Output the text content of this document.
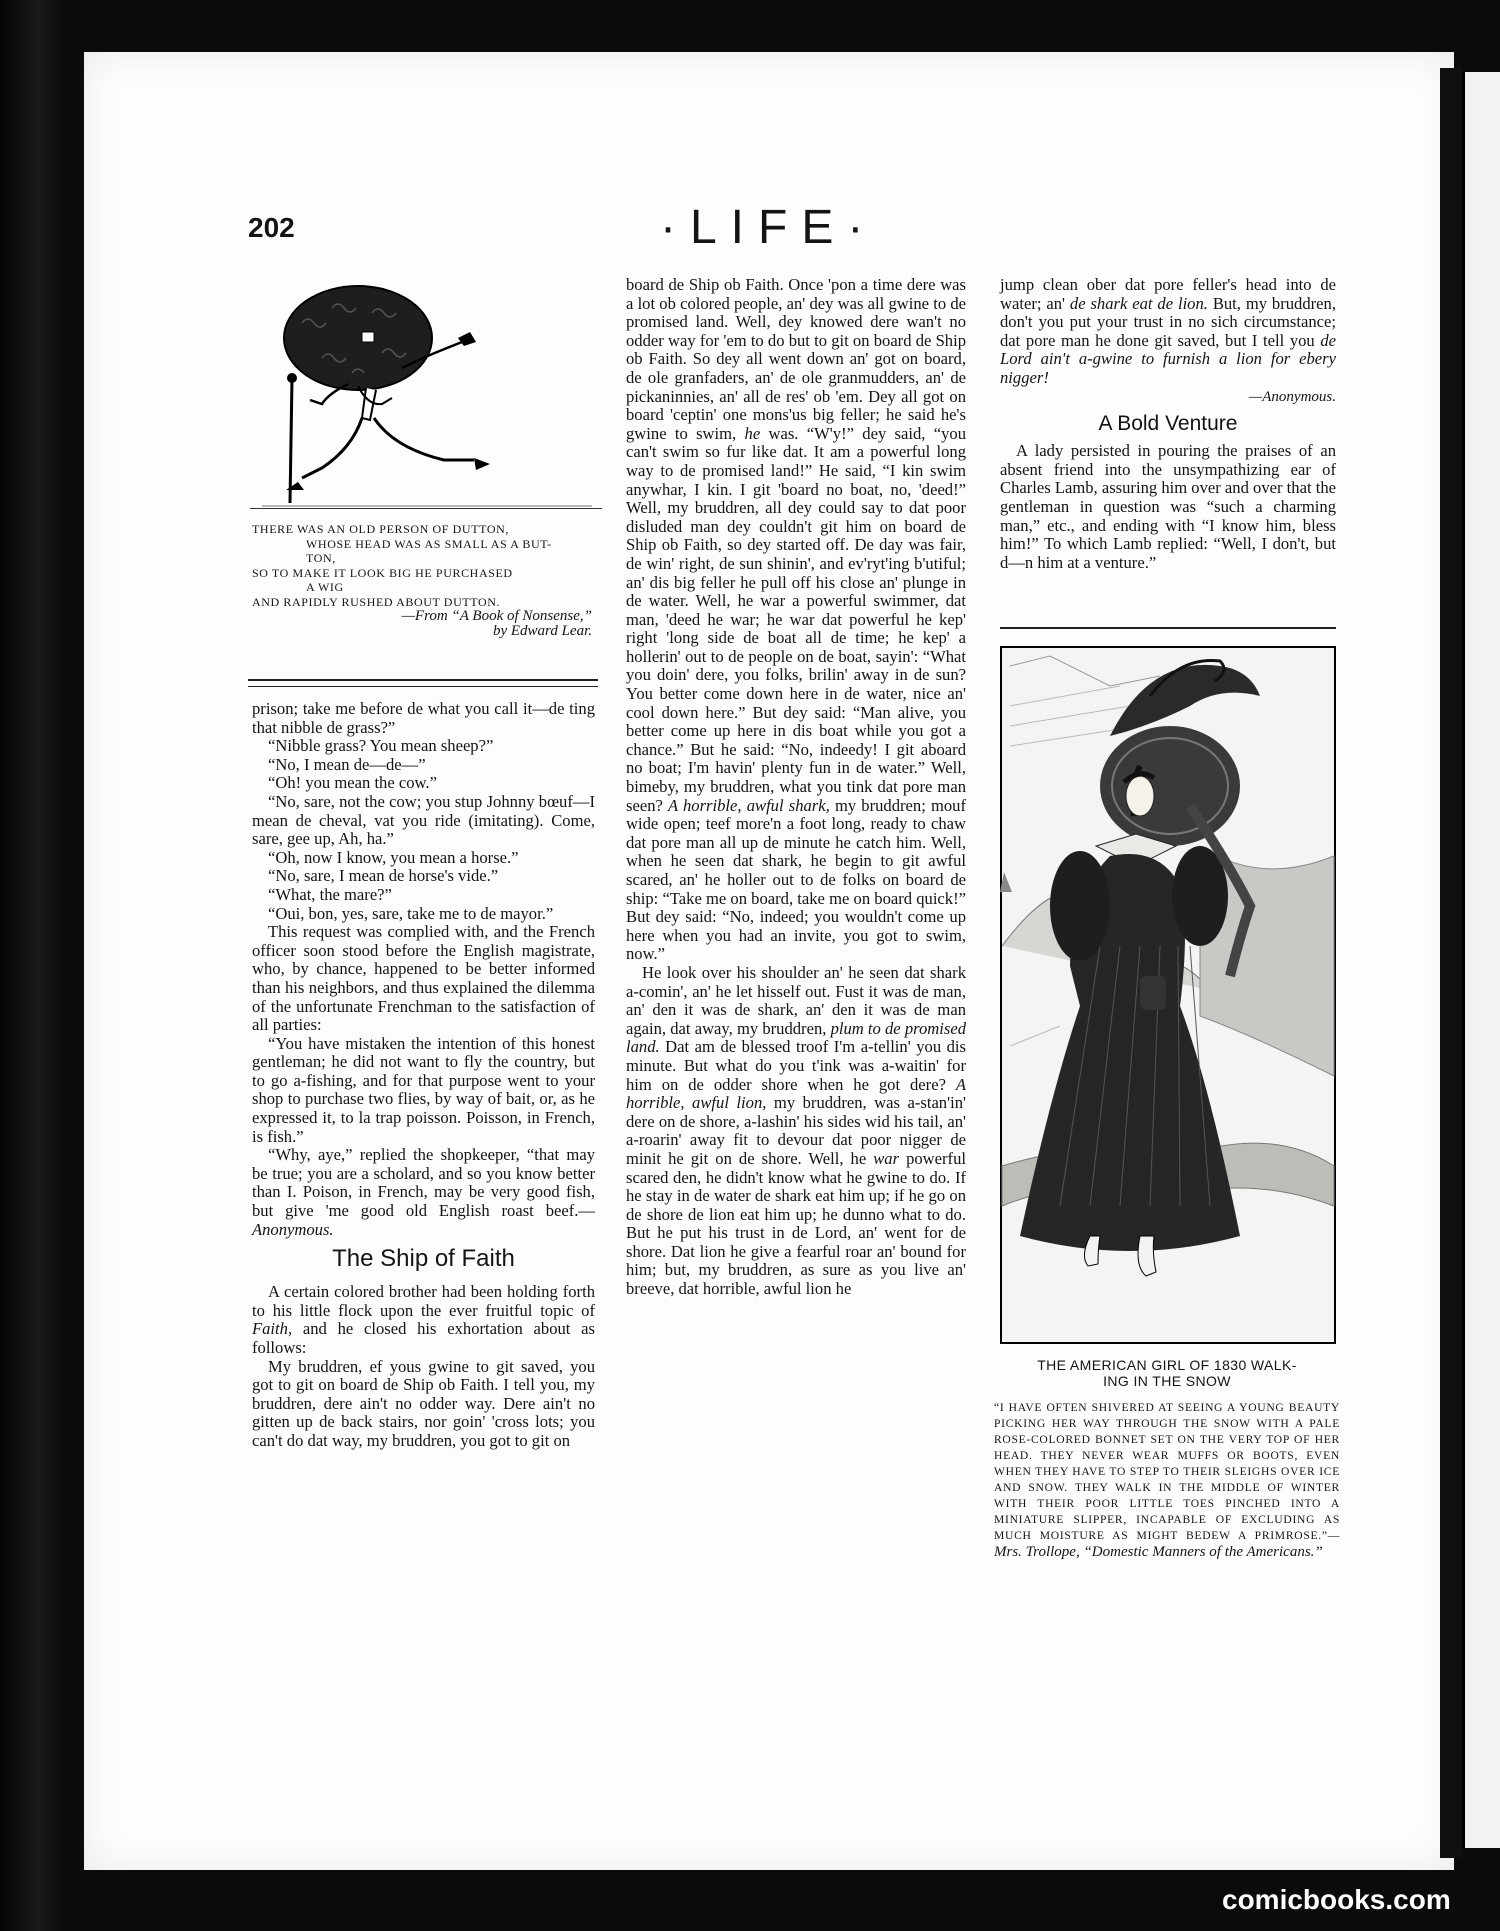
202	·LIFE·
THERE WAS AN OLD PERSON OF DUTTON,
WHOSE HEAD WAS AS SMALL AS A BUT-
TON,
SO TO MAKE IT LOOK BIG HE PURCHASED
A WIG
AND RAPIDLY RUSHED ABOUT DUTTON.
—From “A Book of Nonsense,”
by Edward Lear.

prison; take me before de what you call it—de ting that nibble de grass?”

“Nibble grass? You mean sheep?”

“No, I mean de—de—”

“Oh! you mean the cow.”

“No, sare, not the cow; you stup Johnny bœuf—I mean de cheval, vat you ride (imitating). Come, sare, gee up, Ah, ha.”

“Oh, now I know, you mean a horse.”

“No, sare, I mean de horse's vide.”

“What, the mare?”

“Oui, bon, yes, sare, take me to de mayor.”

This request was complied with, and the French officer soon stood before the English magistrate, who, by chance, happened to be better informed than his neighbors, and thus explained the dilemma of the unfortunate Frenchman to the satisfaction of all parties:

“You have mistaken the intention of this honest gentleman; he did not want to fly the country, but to go a-fishing, and for that purpose went to your shop to purchase two flies, by way of bait, or, as he expressed it, to la trap poisson. Poisson, in French, is fish.”

“Why, aye,” replied the shopkeeper, “that may be true; you are a scholard, and so you know better than I. Poison, in French, may be very good fish, but give 'me good old English roast beef.—Anonymous.

The Ship of Faith

A certain colored brother had been holding forth to his little flock upon the ever fruitful topic of Faith, and he closed his exhortation about as follows:

My bruddren, ef yous gwine to git saved, you got to git on board de Ship ob Faith. I tell you, my bruddren, dere ain't no odder way. Dere ain't no gitten up de back stairs, nor goin' 'cross lots; you can't do dat way, my bruddren, you got to git on

board de Ship ob Faith. Once 'pon a time dere was a lot ob colored people, an' dey was all gwine to de promised land. Well, dey knowed dere wan't no odder way for 'em to do but to git on board de Ship ob Faith. So dey all went down an' got on board, de ole granfaders, an' de ole granmudders, an' de pickaninnies, an' all de res' ob 'em. Dey all got on board 'ceptin' one mons'us big feller; he said he's gwine to swim, he was. “W'y!” dey said, “you can't swim so fur like dat. It am a powerful long way to de promised land!” He said, “I kin swim anywhar, I kin. I git 'board no boat, no, 'deed!” Well, my bruddren, all dey could say to dat poor disluded man dey couldn't git him on board de Ship ob Faith, so dey started off. De day was fair, de win' right, de sun shinin', and ev'ryt'ing b'utiful; an' dis big feller he pull off his close an' plunge in de water. Well, he war a powerful swimmer, dat man, 'deed he war; he war dat powerful he kep' right 'long side de boat all de time; he kep' a hollerin' out to de people on de boat, sayin': “What you doin' dere, you folks, brilin' away in de sun? You better come down here in de water, nice an' cool down here.” But dey said: “Man alive, you better come up here in dis boat while you got a chance.” But he said: “No, indeedy! I git aboard no boat; I'm havin' plenty fun in de water.” Well, bimeby, my bruddren, what you tink dat pore man seen? A horrible, awful shark, my bruddren; mouf wide open; teef more'n a foot long, ready to chaw dat pore man all up de minute he catch him. Well, when he seen dat shark, he begin to git awful scared, an' he holler out to de folks on board de ship: “Take me on board, take me on board quick!” But dey said: “No, indeed; you wouldn't come up here when you had an invite, you got to swim, now.”

He look over his shoulder an' he seen dat shark a-comin', an' he let hisself out. Fust it was de man, an' den it was de shark, an' den it was de man again, dat away, my bruddren, plum to de promised land. Dat am de blessed troof I'm a-tellin' you dis minute. But what do you t'ink was a-waitin' for him on de odder shore when he got dere? A horrible, awful lion, my bruddren, was a-stan'in' dere on de shore, a-lashin' his sides wid his tail, an' a-roarin' away fit to devour dat poor nigger de minit he git on de shore. Well, he war powerful scared den, he didn't know what he gwine to do. If he stay in de water de shark eat him up; if he go on de shore de lion eat him up; he dunno what to do. But he put his trust in de Lord, an' went for de shore. Dat lion he give a fearful roar an' bound for him; but, my bruddren, as sure as you live an' breeve, dat horrible, awful lion he

jump clean ober dat pore feller's head into de water; an' de shark eat de lion. But, my bruddren, don't you put your trust in no sich circumstance; dat pore man he done git saved, but I tell you de Lord ain't a-gwine to furnish a lion for ebery nigger!

—Anonymous.
A Bold Venture

A lady persisted in pouring the praises of an absent friend into the unsympathizing ear of Charles Lamb, assuring him over and over that the gentleman in question was “such a charming man,” etc., and ending with “I know him, bless him!” To which Lamb replied: “Well, I don't, but d—n him at a venture.”

THE AMERICAN GIRL OF 1830 WALK-
ING IN THE SNOW
“I HAVE OFTEN SHIVERED AT SEEING A YOUNG BEAUTY PICKING HER WAY THROUGH THE SNOW WITH A PALE ROSE-COLORED BONNET SET ON THE VERY TOP OF HER HEAD. THEY NEVER WEAR MUFFS OR BOOTS, EVEN WHEN THEY HAVE TO STEP TO THEIR SLEIGHS OVER ICE AND SNOW. THEY WALK IN THE MIDDLE OF WINTER WITH THEIR POOR LITTLE TOES PINCHED INTO A MINIATURE SLIPPER, INCAPABLE OF EXCLUDING AS MUCH MOISTURE AS MIGHT BEDEW A PRIMROSE.”— Mrs. Trollope, “Domestic Manners of the Americans.”
comicbooks.com
